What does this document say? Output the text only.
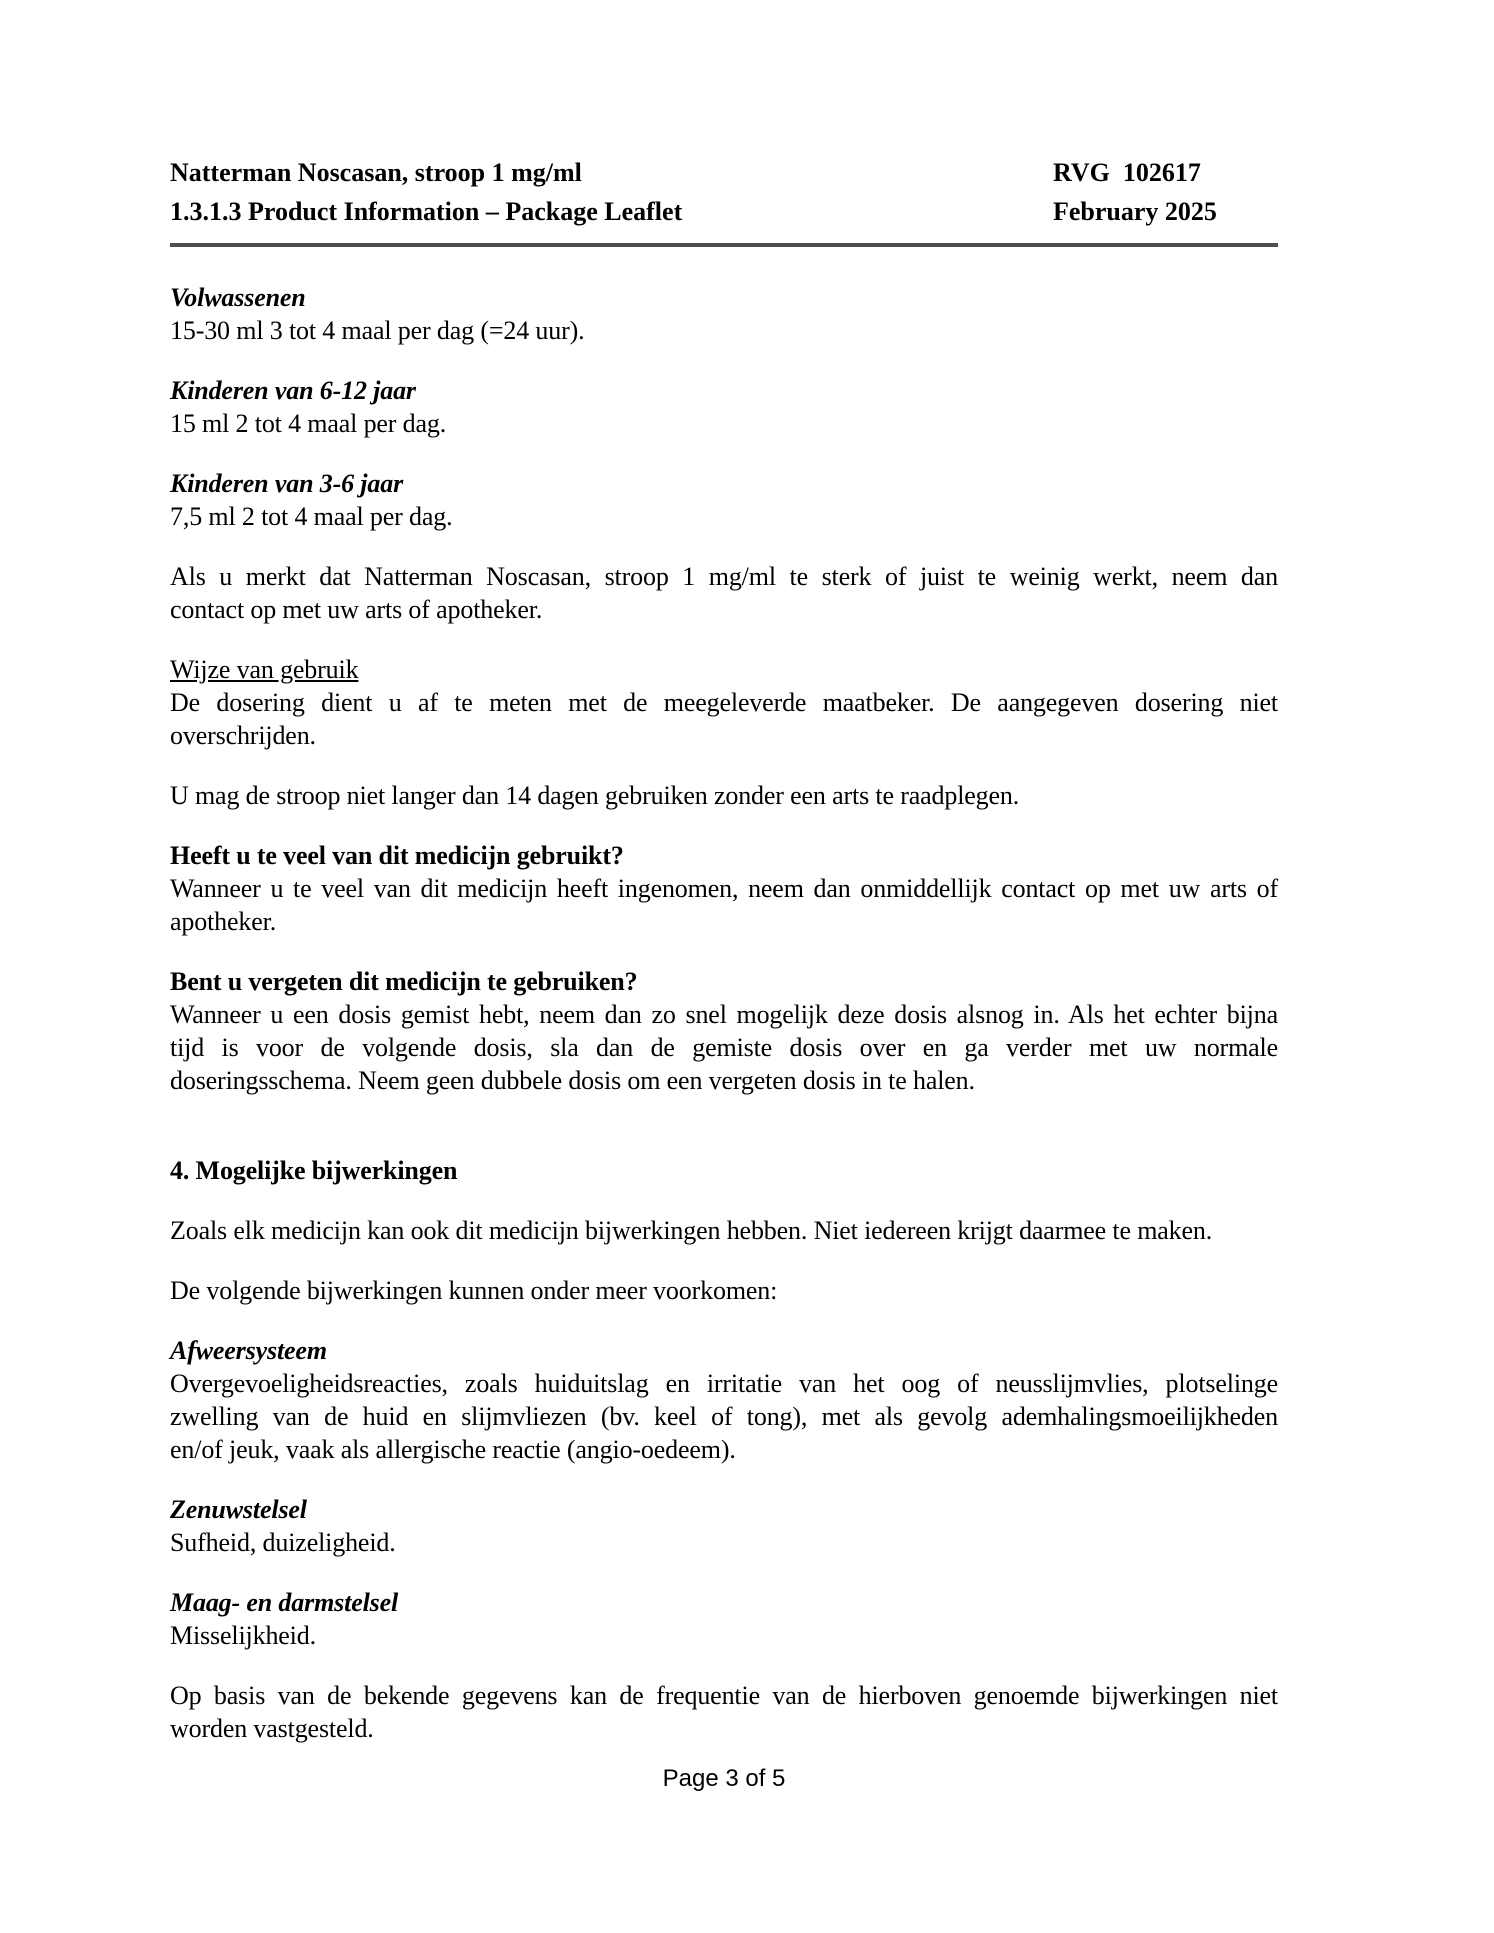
Natterman Noscasan, stroop 1 mg/ml	RVG  102617
1.3.1.3 Product Information – Package Leaflet	February 2025
Volwassenen

15-30 ml 3 tot 4 maal per dag (=24 uur).

Kinderen van 6-12 jaar

15 ml 2 tot 4 maal per dag.

Kinderen van 3-6 jaar

7,5 ml 2 tot 4 maal per dag.

Als u merkt dat Natterman Noscasan, stroop 1 mg/ml te sterk of juist te weinig werkt, neem dan
contact op met uw arts of apotheker.

Wijze van gebruik

De dosering dient u af te meten met de meegeleverde maatbeker. De aangegeven dosering niet
overschrijden.

U mag de stroop niet langer dan 14 dagen gebruiken zonder een arts te raadplegen.

Heeft u te veel van dit medicijn gebruikt?

Wanneer u te veel van dit medicijn heeft ingenomen, neem dan onmiddellijk contact op met uw arts of
apotheker.

Bent u vergeten dit medicijn te gebruiken?

Wanneer u een dosis gemist hebt, neem dan zo snel mogelijk deze dosis alsnog in. Als het echter bijna
tijd is voor de volgende dosis, sla dan de gemiste dosis over en ga verder met uw normale
doseringsschema. Neem geen dubbele dosis om een vergeten dosis in te halen.

4. Mogelijke bijwerkingen

Zoals elk medicijn kan ook dit medicijn bijwerkingen hebben. Niet iedereen krijgt daarmee te maken.

De volgende bijwerkingen kunnen onder meer voorkomen:

Afweersysteem

Overgevoeligheidsreacties, zoals huiduitslag en irritatie van het oog of neusslijmvlies, plotselinge
zwelling van de huid en slijmvliezen (bv. keel of tong), met als gevolg ademhalingsmoeilijkheden
en/of jeuk, vaak als allergische reactie (angio-oedeem).

Zenuwstelsel

Sufheid, duizeligheid.

Maag- en darmstelsel

Misselijkheid.

Op basis van de bekende gegevens kan de frequentie van de hierboven genoemde bijwerkingen niet
worden vastgesteld.

Page 3 of 5
